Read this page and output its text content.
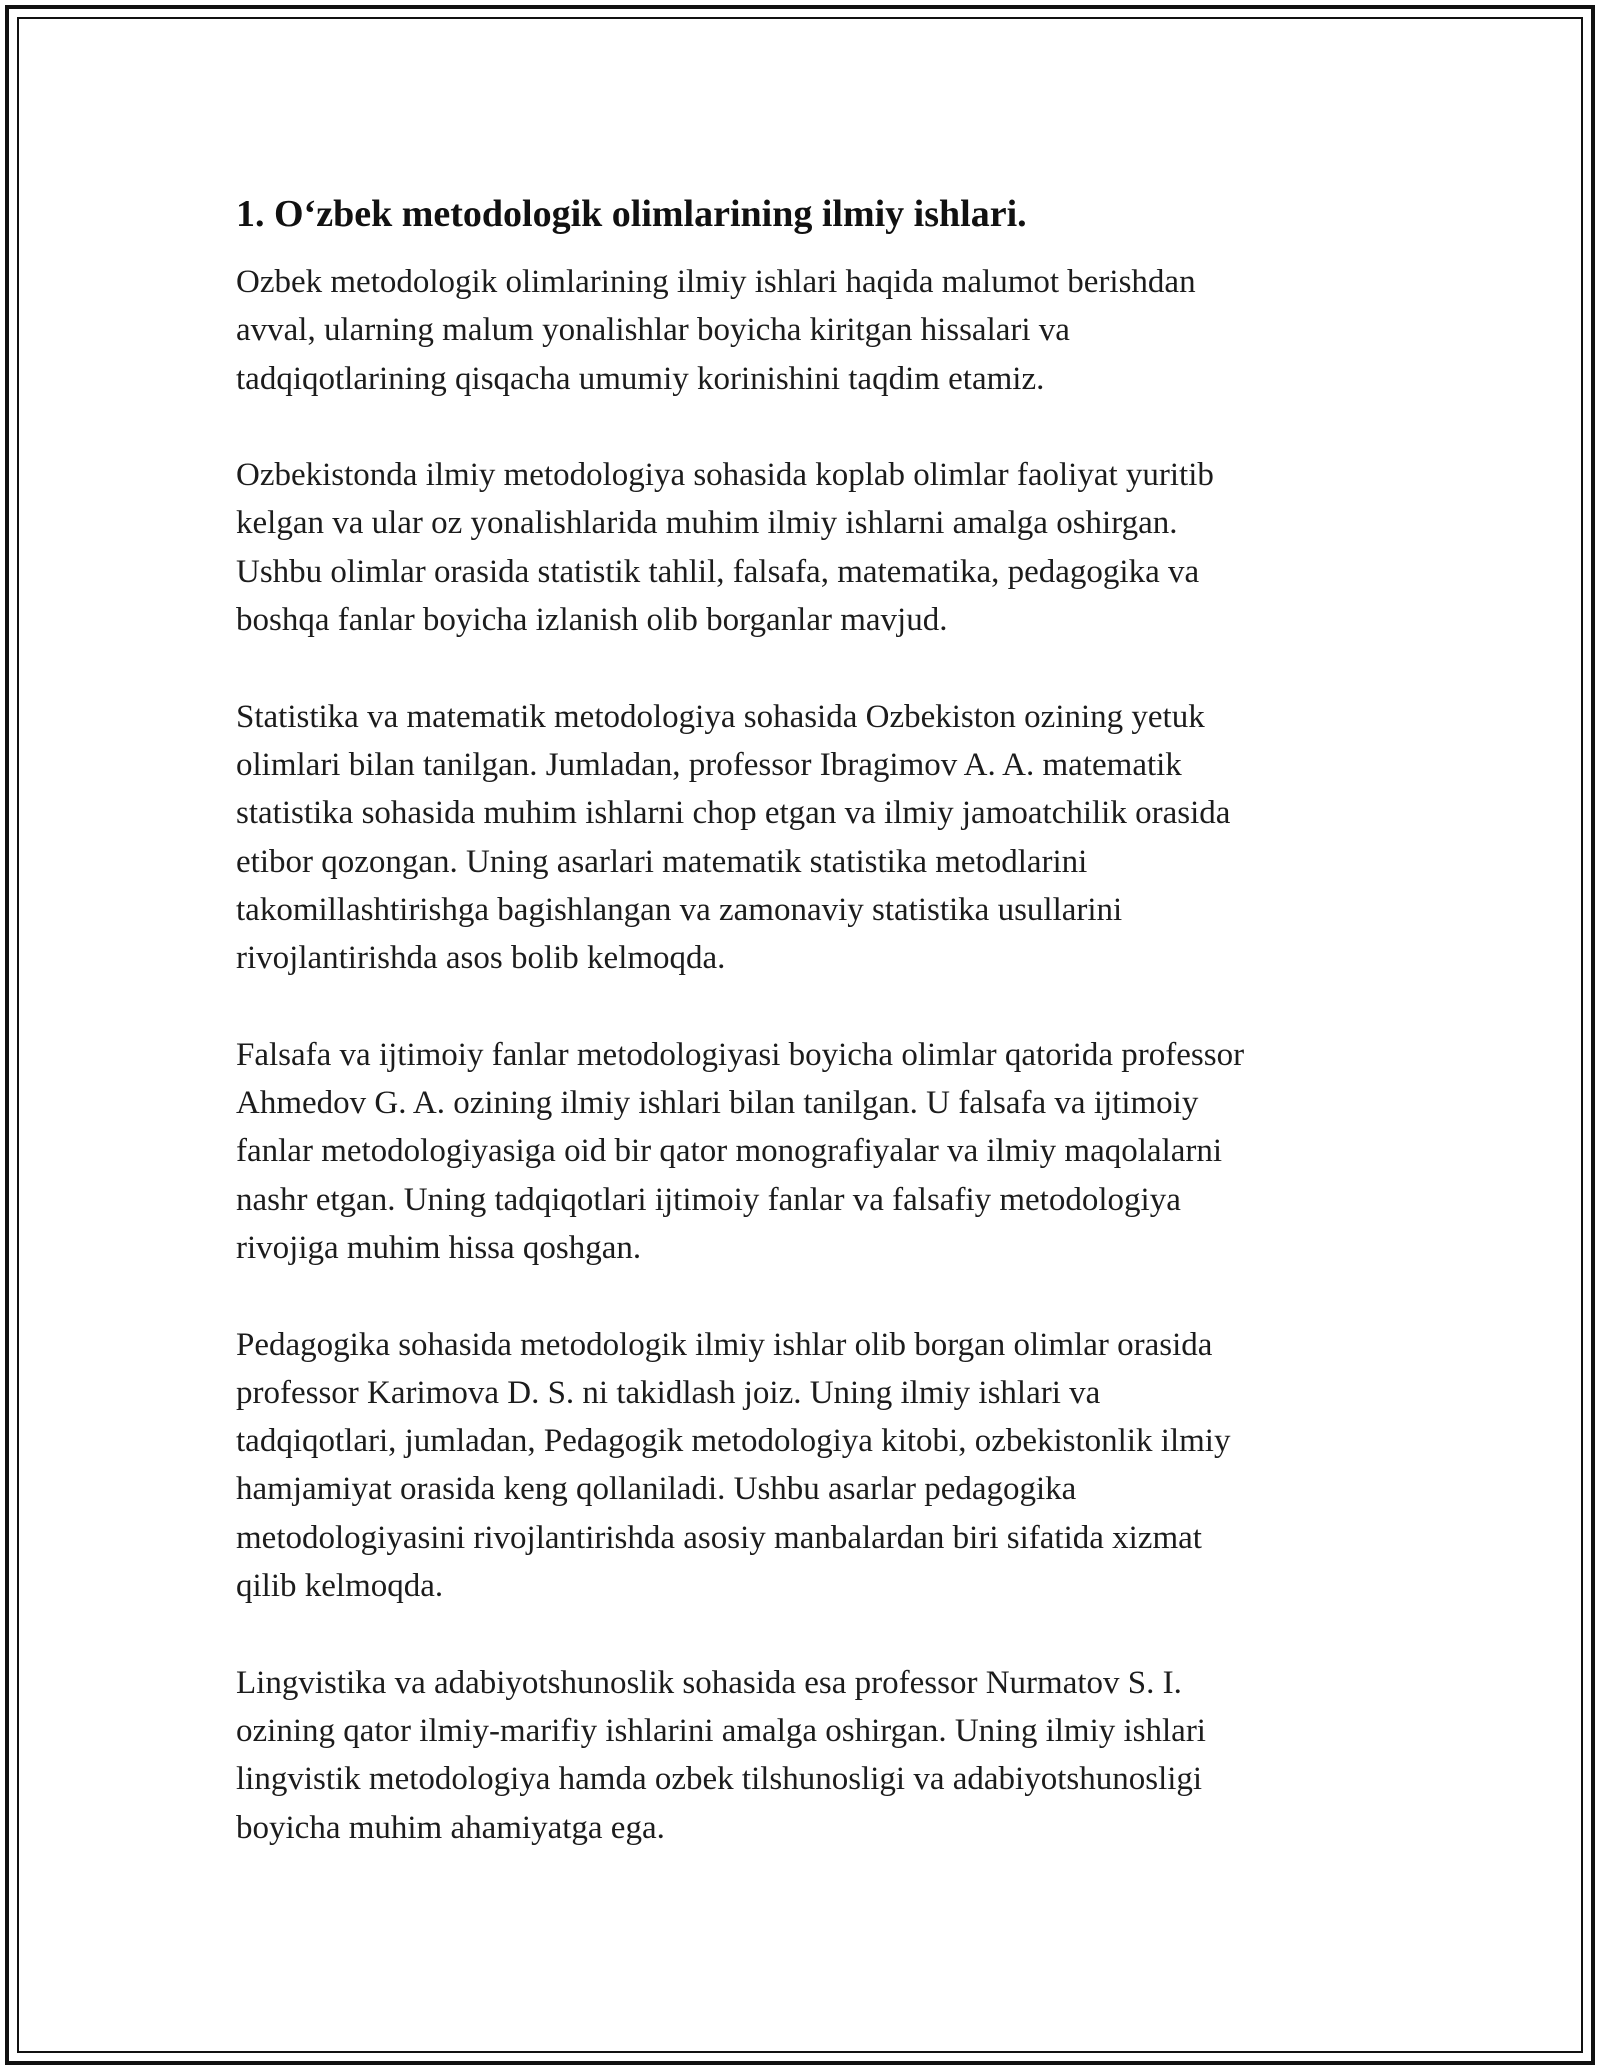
1. O‘zbek metodologik olimlarining ilmiy ishlari.
Ozbek metodologik olimlarining ilmiy ishlari haqida malumot berishdan
avval, ularning malum yonalishlar boyicha kiritgan hissalari va
tadqiqotlarining qisqacha umumiy korinishini taqdim etamiz.
Ozbekistonda ilmiy metodologiya sohasida koplab olimlar faoliyat yuritib
kelgan va ular oz yonalishlarida muhim ilmiy ishlarni amalga oshirgan.
Ushbu olimlar orasida statistik tahlil, falsafa, matematika, pedagogika va
boshqa fanlar boyicha izlanish olib borganlar mavjud.
Statistika va matematik metodologiya sohasida Ozbekiston ozining yetuk
olimlari bilan tanilgan. Jumladan, professor Ibragimov A. A. matematik
statistika sohasida muhim ishlarni chop etgan va ilmiy jamoatchilik orasida
etibor qozongan. Uning asarlari matematik statistika metodlarini
takomillashtirishga bagishlangan va zamonaviy statistika usullarini
rivojlantirishda asos bolib kelmoqda.
Falsafa va ijtimoiy fanlar metodologiyasi boyicha olimlar qatorida professor
Ahmedov G. A. ozining ilmiy ishlari bilan tanilgan. U falsafa va ijtimoiy
fanlar metodologiyasiga oid bir qator monografiyalar va ilmiy maqolalarni
nashr etgan. Uning tadqiqotlari ijtimoiy fanlar va falsafiy metodologiya
rivojiga muhim hissa qoshgan.
Pedagogika sohasida metodologik ilmiy ishlar olib borgan olimlar orasida
professor Karimova D. S. ni takidlash joiz. Uning ilmiy ishlari va
tadqiqotlari, jumladan, Pedagogik metodologiya kitobi, ozbekistonlik ilmiy
hamjamiyat orasida keng qollaniladi. Ushbu asarlar pedagogika
metodologiyasini rivojlantirishda asosiy manbalardan biri sifatida xizmat
qilib kelmoqda.
Lingvistika va adabiyotshunoslik sohasida esa professor Nurmatov S. I.
ozining qator ilmiy-marifiy ishlarini amalga oshirgan. Uning ilmiy ishlari
lingvistik metodologiya hamda ozbek tilshunosligi va adabiyotshunosligi
boyicha muhim ahamiyatga ega.
